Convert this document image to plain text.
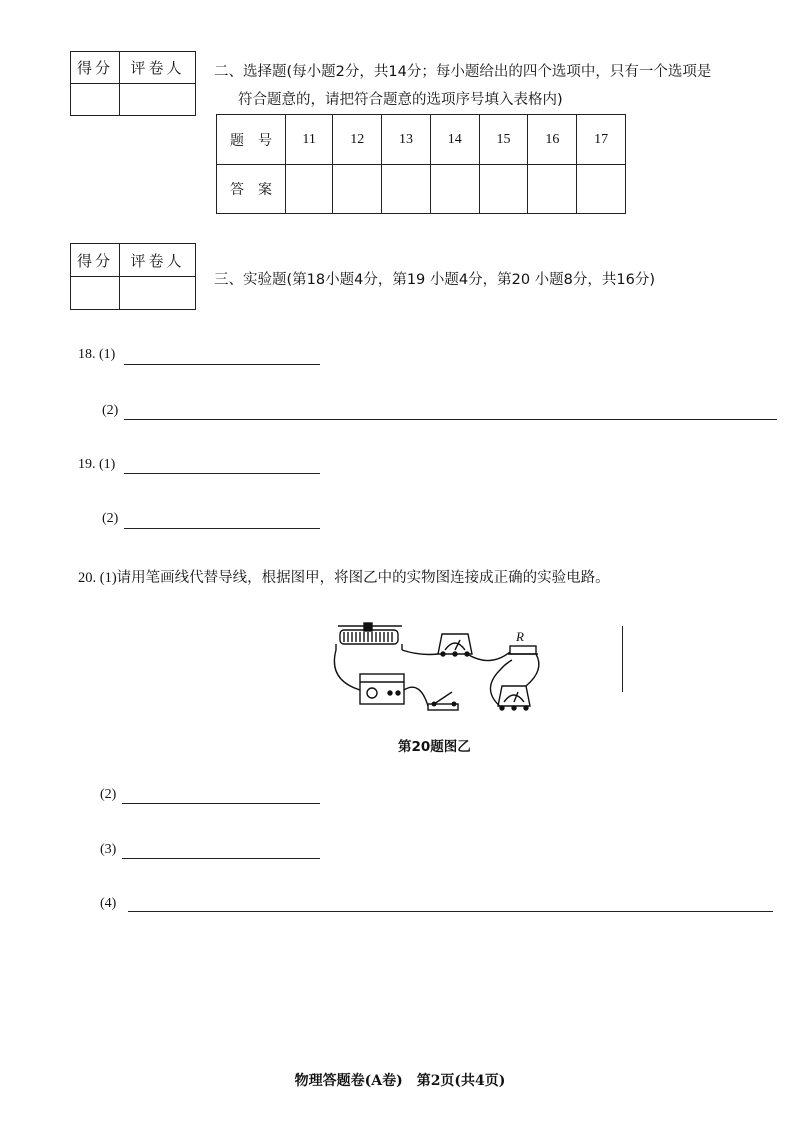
得分	评卷人
	二、选择题(每小题2分，共14分；每小题给出的四个选项中，只有一个选项是
符合题意的，请把符合题意的选项序号填入表格内)
题　号	11	12	13	14	15	16	17
答　案							
得分	评卷人

三、实验题(第18小题4分，第19 小题4分，第20 小题8分，共16分)
18. (1)
(2)
19. (1)
(2)
20. (1)请用笔画线代替导线，根据图甲，将图乙中的实物图连接成正确的实验电路。
R
第20题图乙
(2)
(3)
(4)
物理答题卷(A卷)　第2页(共4页)
